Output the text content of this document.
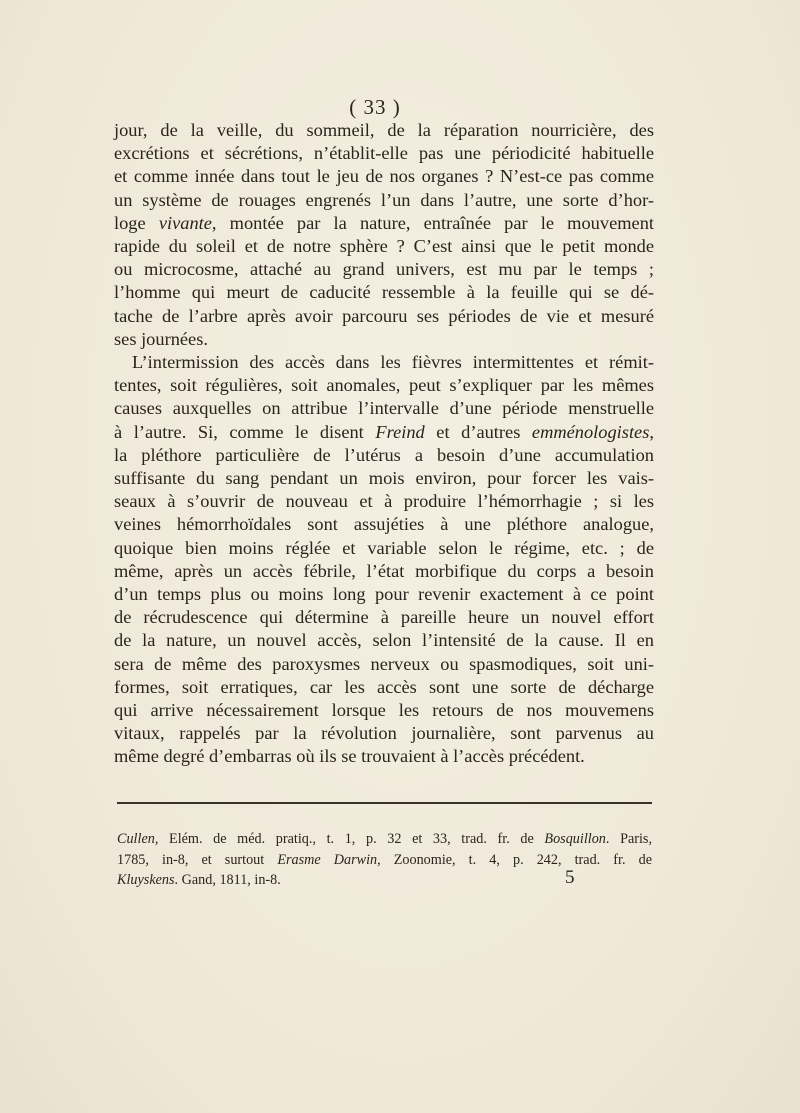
( 33 )
jour, de la veille, du sommeil, de la réparation nourricière, des
excrétions et sécrétions, n’établit-elle pas une périodicité habituelle
et comme innée dans tout le jeu de nos organes ? N’est-ce pas comme
un système de rouages engrenés l’un dans l’autre, une sorte d’hor-
loge vivante, montée par la nature, entraînée par le mouvement
rapide du soleil et de notre sphère ? C’est ainsi que le petit monde
ou microcosme, attaché au grand univers, est mu par le temps ;
l’homme qui meurt de caducité ressemble à la feuille qui se dé-
tache de l’arbre après avoir parcouru ses périodes de vie et mesuré
ses journées.
L’intermission des accès dans les fièvres intermittentes et rémit-
tentes, soit régulières, soit anomales, peut s’expliquer par les mêmes
causes auxquelles on attribue l’intervalle d’une période menstruelle
à l’autre. Si, comme le disent Freind et d’autres emménologistes,
la pléthore particulière de l’utérus a besoin d’une accumulation
suffisante du sang pendant un mois environ, pour forcer les vais-
seaux à s’ouvrir de nouveau et à produire l’hémorrhagie ; si les
veines hémorrhoïdales sont assujéties à une pléthore analogue,
quoique bien moins réglée et variable selon le régime, etc. ; de
même, après un accès fébrile, l’état morbifique du corps a besoin
d’un temps plus ou moins long pour revenir exactement à ce point
de récrudescence qui détermine à pareille heure un nouvel effort
de la nature, un nouvel accès, selon l’intensité de la cause. Il en
sera de même des paroxysmes nerveux ou spasmodiques, soit uni-
formes, soit erratiques, car les accès sont une sorte de décharge
qui arrive nécessairement lorsque les retours de nos mouvemens
vitaux, rappelés par la révolution journalière, sont parvenus au
même degré d’embarras où ils se trouvaient à l’accès précédent.
Cullen, Elém. de méd. pratiq., t. 1, p. 32 et 33, trad. fr. de Bosquillon. Paris,
1785, in-8, et surtout Erasme Darwin, Zoonomie, t. 4, p. 242, trad. fr. de
Kluyskens. Gand, 1811, in-8.	5
